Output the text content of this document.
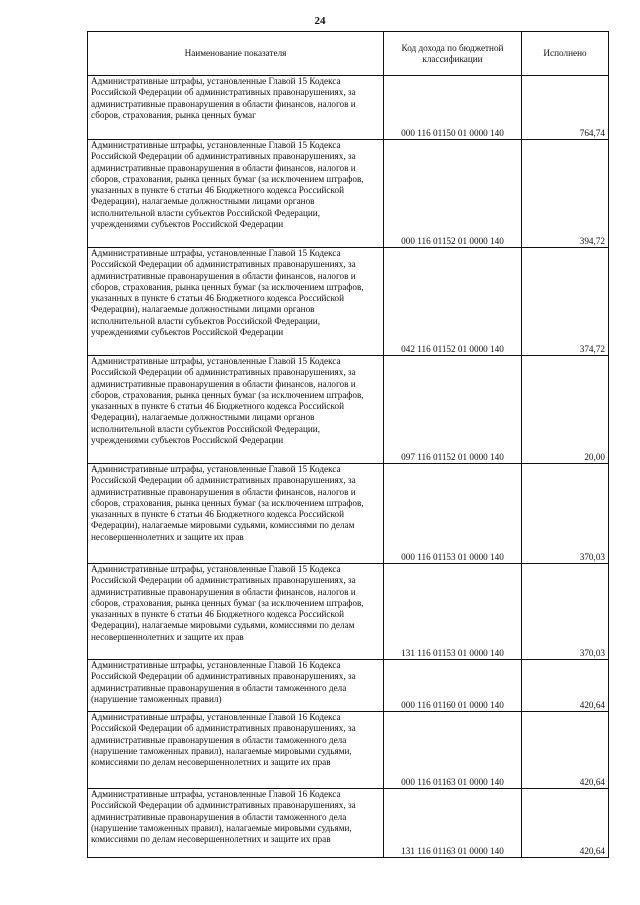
24
Наименование показателя	Код дохода по бюджетной классификации	Исполнено
Административные штрафы, установленные Главой 15 Кодекса Российской Федерации об административных правонарушениях, за административные правонарушения в области финансов, налогов и сборов, страхования, рынка ценных бумаг	000 116 01150 01 0000 140	764,74
Административные штрафы, установленные Главой 15 Кодекса Российской Федерации об административных правонарушениях, за административные правонарушения в области финансов, налогов и сборов, страхования, рынка ценных бумаг (за исключением штрафов, указанных в пункте 6 статьи 46 Бюджетного кодекса Российской Федерации), налагаемые должностными лицами органов исполнительной власти субъектов Российской Федерации, учреждениями субъектов Российской Федерации	000 116 01152 01 0000 140	394,72
Административные штрафы, установленные Главой 15 Кодекса Российской Федерации об административных правонарушениях, за административные правонарушения в области финансов, налогов и сборов, страхования, рынка ценных бумаг (за исключением штрафов, указанных в пункте 6 статьи 46 Бюджетного кодекса Российской Федерации), налагаемые должностными лицами органов исполнительной власти субъектов Российской Федерации, учреждениями субъектов Российской Федерации	042 116 01152 01 0000 140	374,72
Административные штрафы, установленные Главой 15 Кодекса Российской Федерации об административных правонарушениях, за административные правонарушения в области финансов, налогов и сборов, страхования, рынка ценных бумаг (за исключением штрафов, указанных в пункте 6 статьи 46 Бюджетного кодекса Российской Федерации), налагаемые должностными лицами органов исполнительной власти субъектов Российской Федерации, учреждениями субъектов Российской Федерации	097 116 01152 01 0000 140	20,00
Административные штрафы, установленные Главой 15 Кодекса Российской Федерации об административных правонарушениях, за административные правонарушения в области финансов, налогов и сборов, страхования, рынка ценных бумаг (за исключением штрафов, указанных в пункте 6 статьи 46 Бюджетного кодекса Российской Федерации), налагаемые мировыми судьями, комиссиями по делам несовершеннолетних и защите их прав	000 116 01153 01 0000 140	370,03
Административные штрафы, установленные Главой 15 Кодекса Российской Федерации об административных правонарушениях, за административные правонарушения в области финансов, налогов и сборов, страхования, рынка ценных бумаг (за исключением штрафов, указанных в пункте 6 статьи 46 Бюджетного кодекса Российской Федерации), налагаемые мировыми судьями, комиссиями по делам несовершеннолетних и защите их прав	131 116 01153 01 0000 140	370,03
Административные штрафы, установленные Главой 16 Кодекса Российской Федерации об административных правонарушениях, за административные правонарушения в области таможенного дела (нарушение таможенных правил)	000 116 01160 01 0000 140	420,64
Административные штрафы, установленные Главой 16 Кодекса Российской Федерации об административных правонарушениях, за административные правонарушения в области таможенного дела (нарушение таможенных правил), налагаемые мировыми судьями, комиссиями по делам несовершеннолетних и защите их прав	000 116 01163 01 0000 140	420,64
Административные штрафы, установленные Главой 16 Кодекса Российской Федерации об административных правонарушениях, за административные правонарушения в области таможенного дела (нарушение таможенных правил), налагаемые мировыми судьями, комиссиями по делам несовершеннолетних и защите их прав	131 116 01163 01 0000 140	420,64
